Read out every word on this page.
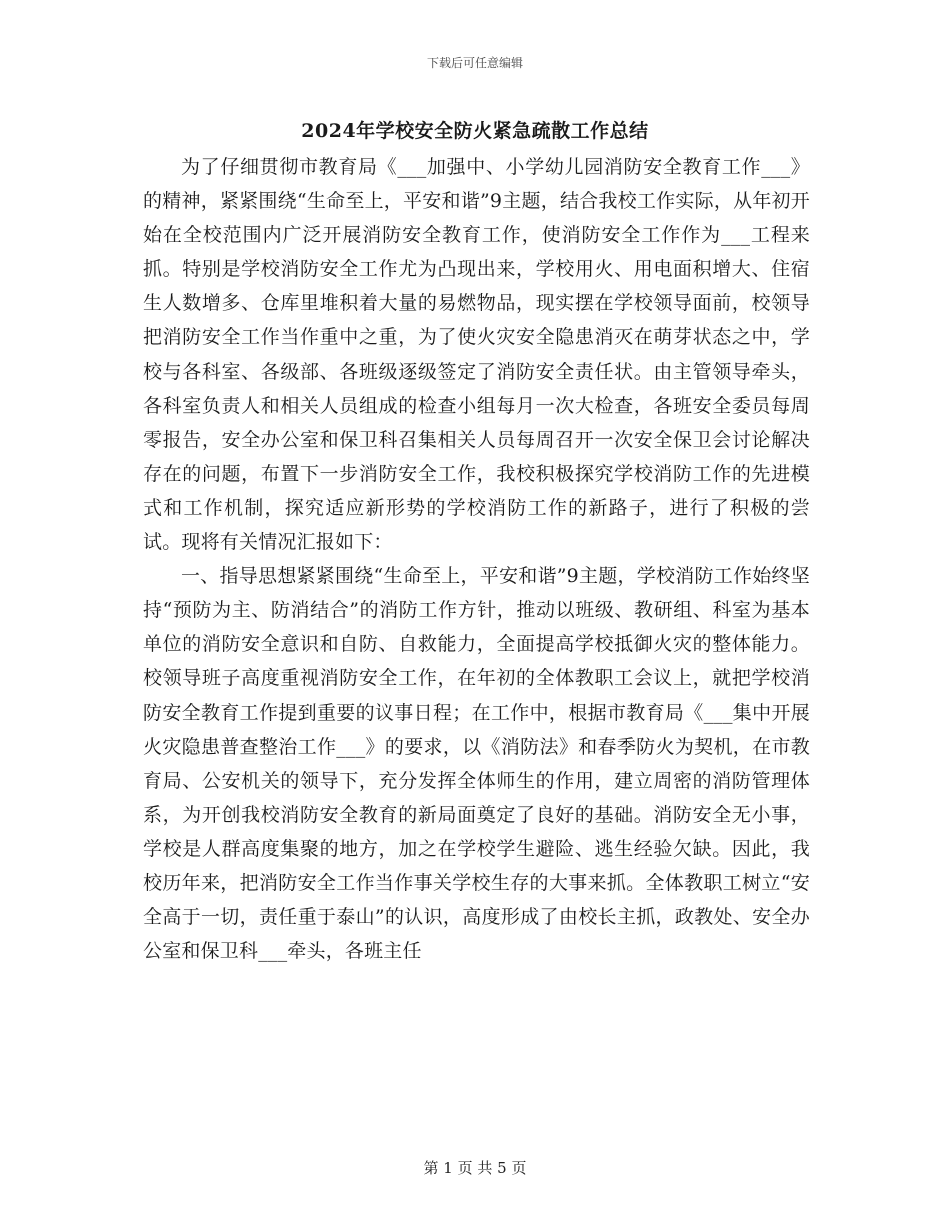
下载后可任意编辑
2024年学校安全防火紧急疏散工作总结

为了仔细贯彻市教育局《___加强中、小学幼儿园消防安全教育工作___》的精神，紧紧围绕“生命至上，平安和谐”9主题，结合我校工作实际，从年初开始在全校范围内广泛开展消防安全教育工作，使消防安全工作作为___工程来抓。特别是学校消防安全工作尤为凸现出来，学校用火、用电面积增大、住宿生人数增多、仓库里堆积着大量的易燃物品，现实摆在学校领导面前，校领导把消防安全工作当作重中之重，为了使火灾安全隐患消灭在萌芽状态之中，学校与各科室、各级部、各班级逐级签定了消防安全责任状。由主管领导牵头，各科室负责人和相关人员组成的检查小组每月一次大检查，各班安全委员每周零报告，安全办公室和保卫科召集相关人员每周召开一次安全保卫会讨论解决存在的问题，布置下一步消防安全工作，我校积极探究学校消防工作的先进模式和工作机制，探究适应新形势的学校消防工作的新路子，进行了积极的尝试。现将有关情况汇报如下：

一、指导思想紧紧围绕“生命至上，平安和谐”9主题，学校消防工作始终坚持“预防为主、防消结合”的消防工作方针，推动以班级、教研组、科室为基本单位的消防安全意识和自防、自救能力，全面提高学校抵御火灾的整体能力。校领导班子高度重视消防安全工作，在年初的全体教职工会议上，就把学校消防安全教育工作提到重要的议事日程；在工作中，根据市教育局《___集中开展火灾隐患普查整治工作___》的要求，以《消防法》和春季防火为契机，在市教育局、公安机关的领导下，充分发挥全体师生的作用，建立周密的消防管理体系，为开创我校消防安全教育的新局面奠定了良好的基础。消防安全无小事，学校是人群高度集聚的地方，加之在学校学生避险、逃生经验欠缺。因此，我校历年来，把消防安全工作当作事关学校生存的大事来抓。全体教职工树立“安全高于一切，责任重于泰山”的认识，高度形成了由校长主抓，政教处、安全办公室和保卫科___牵头，各班主任

第 1 页 共 5 页
